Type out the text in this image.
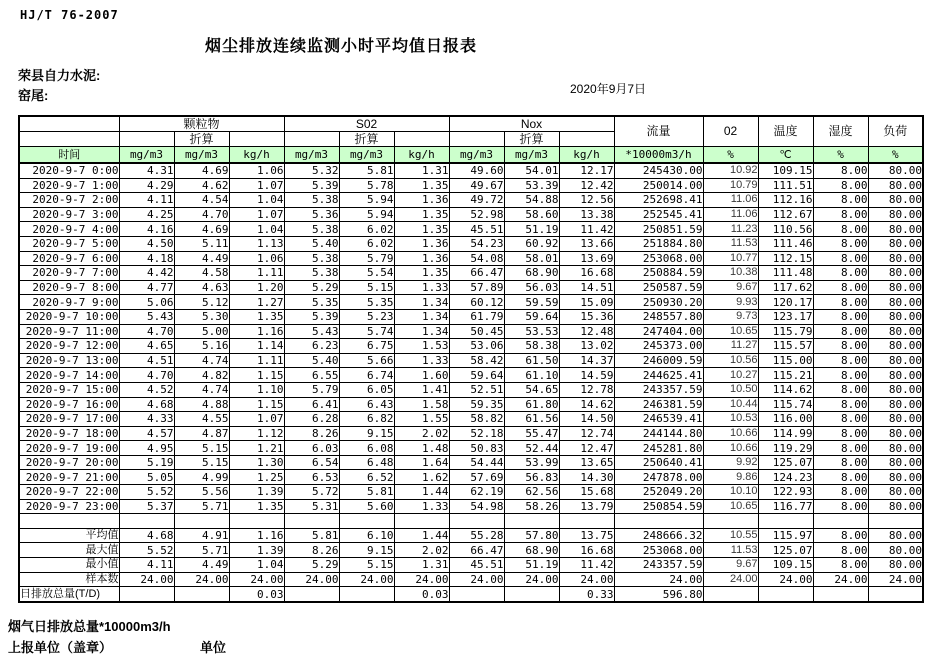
HJ/T 76-2007
烟尘排放连续监测小时平均值日报表
荣县自力水泥:
窑尾:	2020年9月7日
	颗粒物			S02			Nox			流量	02	温度	湿度	负荷
		折算			折算			折算						
时间	mg/m3	mg/m3	kg/h	mg/m3	mg/m3	kg/h	mg/m3	mg/m3	kg/h	*10000m3/h	%	℃	%	%
2020-9-7 0:00	4.31	4.69	1.06	5.32	5.81	1.31	49.60	54.01	12.17	245430.00	10.92	109.15	8.00	80.00
2020-9-7 1:00	4.29	4.62	1.07	5.39	5.78	1.35	49.67	53.39	12.42	250014.00	10.79	111.51	8.00	80.00
2020-9-7 2:00	4.11	4.54	1.04	5.38	5.94	1.36	49.72	54.88	12.56	252698.41	11.06	112.16	8.00	80.00
2020-9-7 3:00	4.25	4.70	1.07	5.36	5.94	1.35	52.98	58.60	13.38	252545.41	11.06	112.67	8.00	80.00
2020-9-7 4:00	4.16	4.69	1.04	5.38	6.02	1.35	45.51	51.19	11.42	250851.59	11.23	110.56	8.00	80.00
2020-9-7 5:00	4.50	5.11	1.13	5.40	6.02	1.36	54.23	60.92	13.66	251884.80	11.53	111.46	8.00	80.00
2020-9-7 6:00	4.18	4.49	1.06	5.38	5.79	1.36	54.08	58.01	13.69	253068.00	10.77	112.15	8.00	80.00
2020-9-7 7:00	4.42	4.58	1.11	5.38	5.54	1.35	66.47	68.90	16.68	250884.59	10.38	111.48	8.00	80.00
2020-9-7 8:00	4.77	4.63	1.20	5.29	5.15	1.33	57.89	56.03	14.51	250587.59	9.67	117.62	8.00	80.00
2020-9-7 9:00	5.06	5.12	1.27	5.35	5.35	1.34	60.12	59.59	15.09	250930.20	9.93	120.17	8.00	80.00
2020-9-7 10:00	5.43	5.30	1.35	5.39	5.23	1.34	61.79	59.64	15.36	248557.80	9.73	123.17	8.00	80.00
2020-9-7 11:00	4.70	5.00	1.16	5.43	5.74	1.34	50.45	53.53	12.48	247404.00	10.65	115.79	8.00	80.00
2020-9-7 12:00	4.65	5.16	1.14	6.23	6.75	1.53	53.06	58.38	13.02	245373.00	11.27	115.57	8.00	80.00
2020-9-7 13:00	4.51	4.74	1.11	5.40	5.66	1.33	58.42	61.50	14.37	246009.59	10.56	115.00	8.00	80.00
2020-9-7 14:00	4.70	4.82	1.15	6.55	6.74	1.60	59.64	61.10	14.59	244625.41	10.27	115.21	8.00	80.00
2020-9-7 15:00	4.52	4.74	1.10	5.79	6.05	1.41	52.51	54.65	12.78	243357.59	10.50	114.62	8.00	80.00
2020-9-7 16:00	4.68	4.88	1.15	6.41	6.43	1.58	59.35	61.80	14.62	246381.59	10.44	115.74	8.00	80.00
2020-9-7 17:00	4.33	4.55	1.07	6.28	6.82	1.55	58.82	61.56	14.50	246539.41	10.53	116.00	8.00	80.00
2020-9-7 18:00	4.57	4.87	1.12	8.26	9.15	2.02	52.18	55.47	12.74	244144.80	10.66	114.99	8.00	80.00
2020-9-7 19:00	4.95	5.15	1.21	6.03	6.08	1.48	50.83	52.44	12.47	245281.80	10.66	119.29	8.00	80.00
2020-9-7 20:00	5.19	5.15	1.30	6.54	6.48	1.64	54.44	53.99	13.65	250640.41	9.92	125.07	8.00	80.00
2020-9-7 21:00	5.05	4.99	1.25	6.53	6.52	1.62	57.69	56.83	14.30	247878.00	9.86	124.23	8.00	80.00
2020-9-7 22:00	5.52	5.56	1.39	5.72	5.81	1.44	62.19	62.56	15.68	252049.20	10.10	122.93	8.00	80.00
2020-9-7 23:00	5.37	5.71	1.35	5.31	5.60	1.33	54.98	58.26	13.79	250854.59	10.65	116.77	8.00	80.00

平均值	4.68	4.91	1.16	5.81	6.10	1.44	55.28	57.80	13.75	248666.32	10.55	115.97	8.00	80.00
最大值	5.52	5.71	1.39	8.26	9.15	2.02	66.47	68.90	16.68	253068.00	11.53	125.07	8.00	80.00
最小值	4.11	4.49	1.04	5.29	5.15	1.31	45.51	51.19	11.42	243357.59	9.67	109.15	8.00	80.00
样本数	24.00	24.00	24.00	24.00	24.00	24.00	24.00	24.00	24.00	24.00	24.00	24.00	24.00	24.00
日排放总量(T/D)			0.03			0.03			0.33	596.80				
烟气日排放总量*10000m3/h
上报单位（盖章）	单位
